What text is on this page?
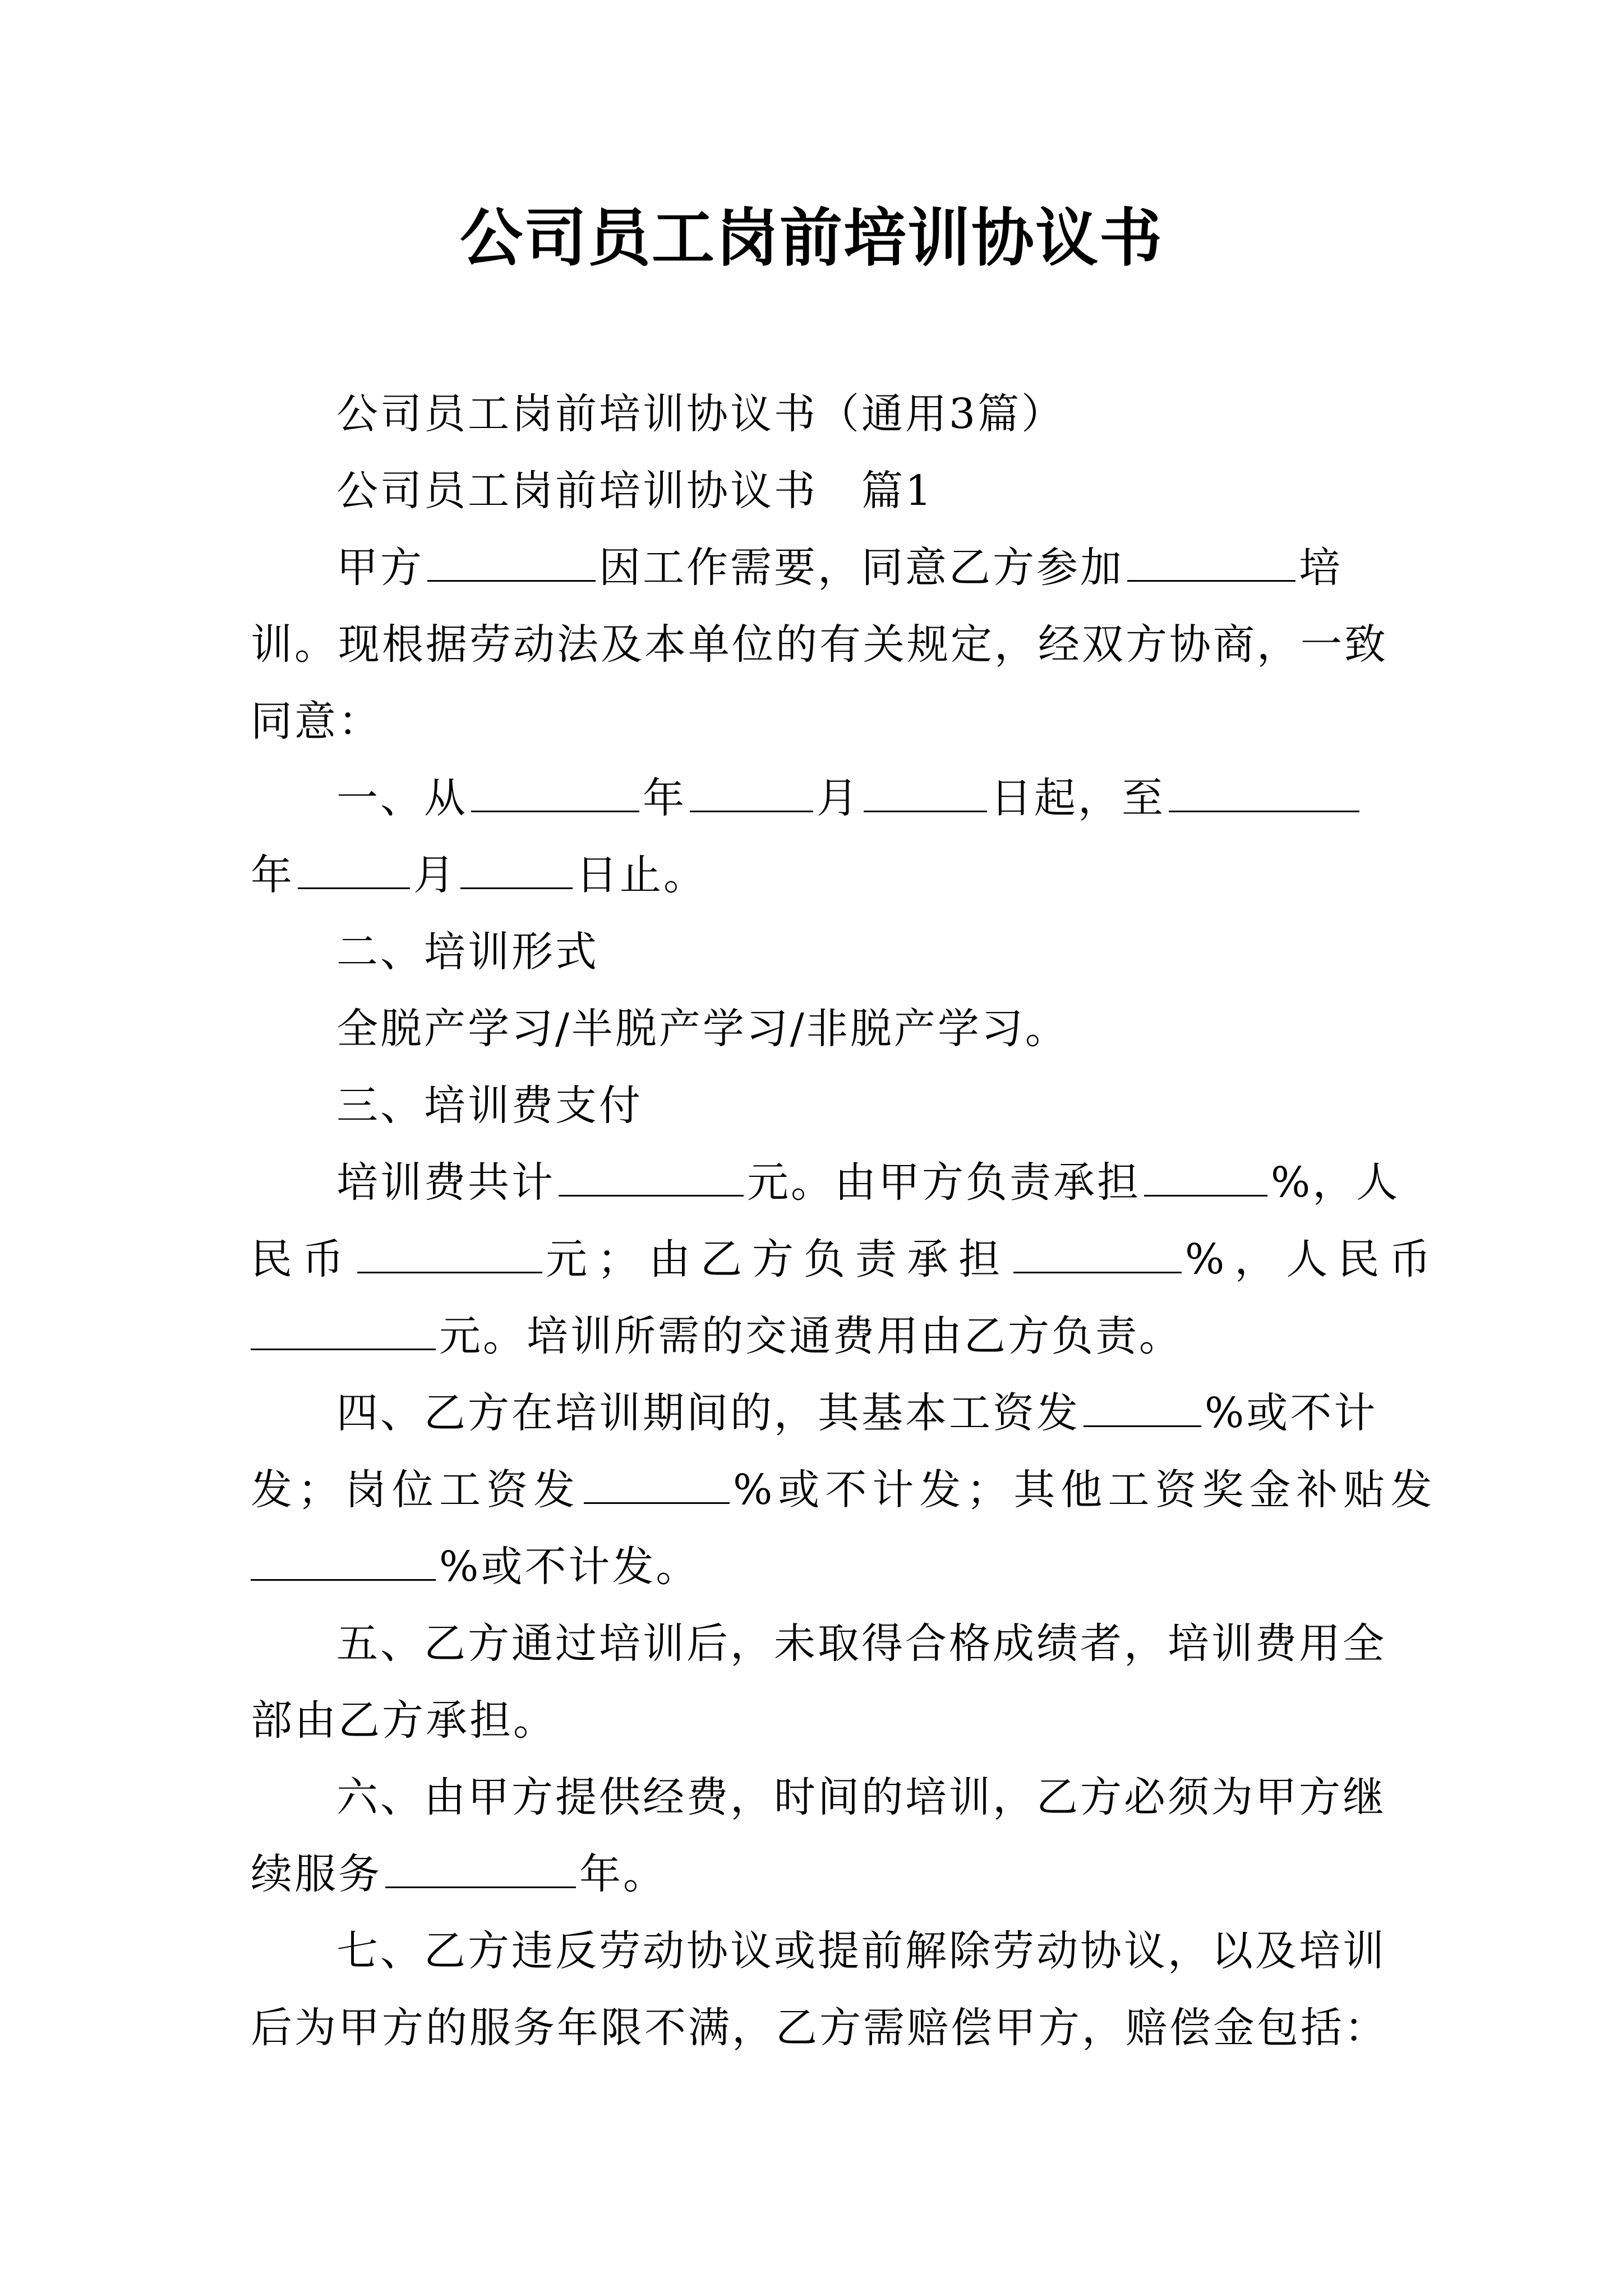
公司员工岗前培训协议书
公司员工岗前培训协议书（通用3篇）
公司员工岗前培训协议书　篇1
甲方	因工作需要，同意乙方参加	培
训。现根据劳动法及本单位的有关规定，经双方协商，一致
同意：
一、从	年	月	日起，至
年	月	日止。
二、培训形式
全脱产学习/半脱产学习/非脱产学习。
三、培训费支付
培训费共计	元。由甲方负责承担	%，人
民币	元；由乙方负责承担	%，人民币
元。培训所需的交通费用由乙方负责。
四、乙方在培训期间的，其基本工资发	%或不计
发；岗位工资发	%或不计发；其他工资奖金补贴发
%或不计发。
五、乙方通过培训后，未取得合格成绩者，培训费用全
部由乙方承担。
六、由甲方提供经费，时间的培训，乙方必须为甲方继
续服务	年。
七、乙方违反劳动协议或提前解除劳动协议，以及培训
后为甲方的服务年限不满，乙方需赔偿甲方，赔偿金包括：
